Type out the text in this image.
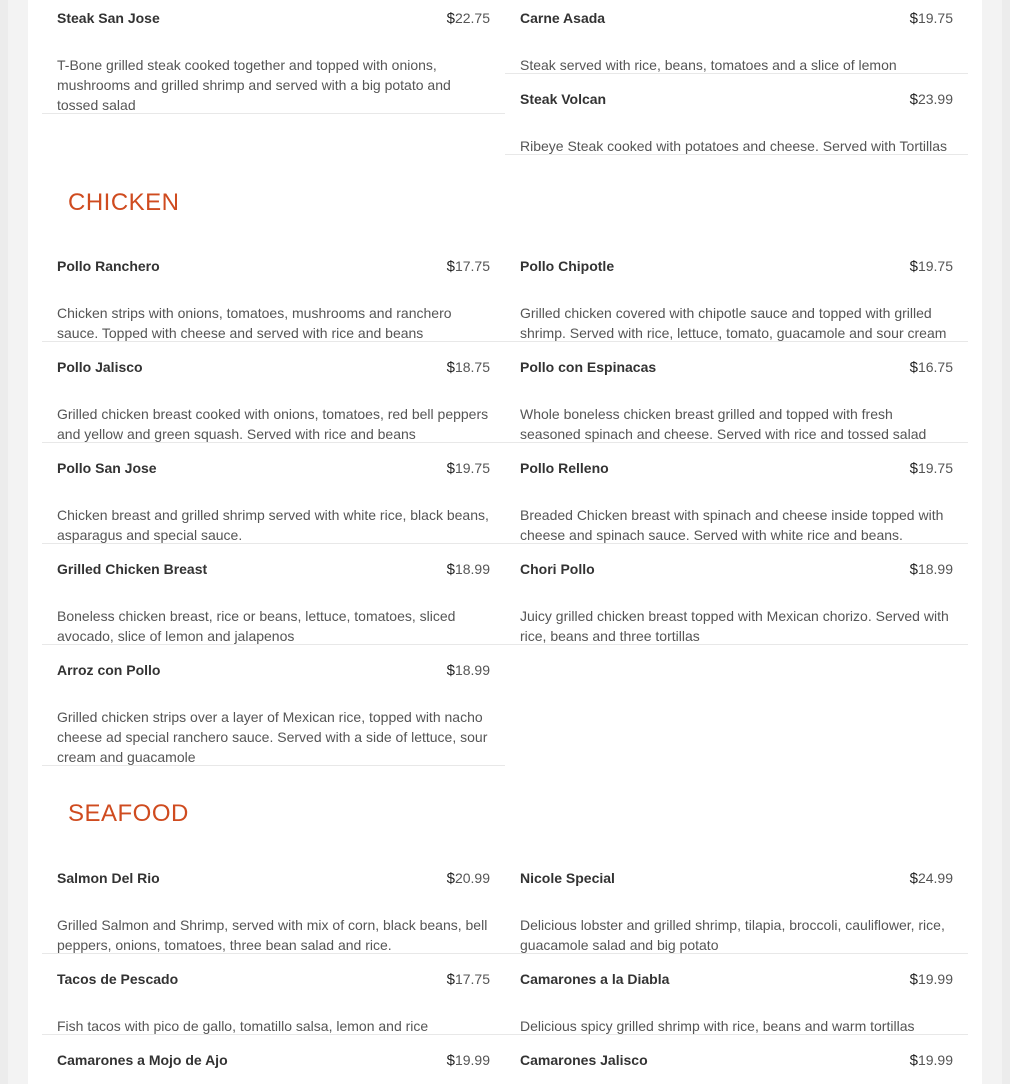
Steak San Jose	$22.75
T-Bone grilled steak cooked together and topped with onions, mushrooms and grilled shrimp and served with a big potato and tossed salad
Carne Asada	$19.75
Steak served with rice, beans, tomatoes and a slice of lemon
Steak Volcan	$23.99
Ribeye Steak cooked with potatoes and cheese. Served with Tortillas
CHICKEN
Pollo Ranchero	$17.75
Chicken strips with onions, tomatoes, mushrooms and ranchero sauce. Topped with cheese and served with rice and beans
Pollo Chipotle	$19.75
Grilled chicken covered with chipotle sauce and topped with grilled shrimp. Served with rice, lettuce, tomato, guacamole and sour cream
Pollo Jalisco	$18.75
Grilled chicken breast cooked with onions, tomatoes, red bell peppers and yellow and green squash. Served with rice and beans
Pollo con Espinacas	$16.75
Whole boneless chicken breast grilled and topped with fresh seasoned spinach and cheese. Served with rice and tossed salad
Pollo San Jose	$19.75
Chicken breast and grilled shrimp served with white rice, black beans, asparagus and special sauce.
Pollo Relleno	$19.75
Breaded Chicken breast with spinach and cheese inside topped with cheese and spinach sauce. Served with white rice and beans.
Grilled Chicken Breast	$18.99
Boneless chicken breast, rice or beans, lettuce, tomatoes, sliced avocado, slice of lemon and jalapenos
Chori Pollo	$18.99
Juicy grilled chicken breast topped with Mexican chorizo. Served with rice, beans and three tortillas
Arroz con Pollo	$18.99
Grilled chicken strips over a layer of Mexican rice, topped with nacho cheese ad special ranchero sauce. Served with a side of lettuce, sour cream and guacamole
SEAFOOD
Salmon Del Rio	$20.99
Grilled Salmon and Shrimp, served with mix of corn, black beans, bell peppers, onions, tomatoes, three bean salad and rice.
Nicole Special	$24.99
Delicious lobster and grilled shrimp, tilapia, broccoli, cauliflower, rice, guacamole salad and big potato
Tacos de Pescado	$17.75
Fish tacos with pico de gallo, tomatillo salsa, lemon and rice
Camarones a la Diabla	$19.99
Delicious spicy grilled shrimp with rice, beans and warm tortillas
Camarones a Mojo de Ajo	$19.99 Camarones Jalisco	$19.99
